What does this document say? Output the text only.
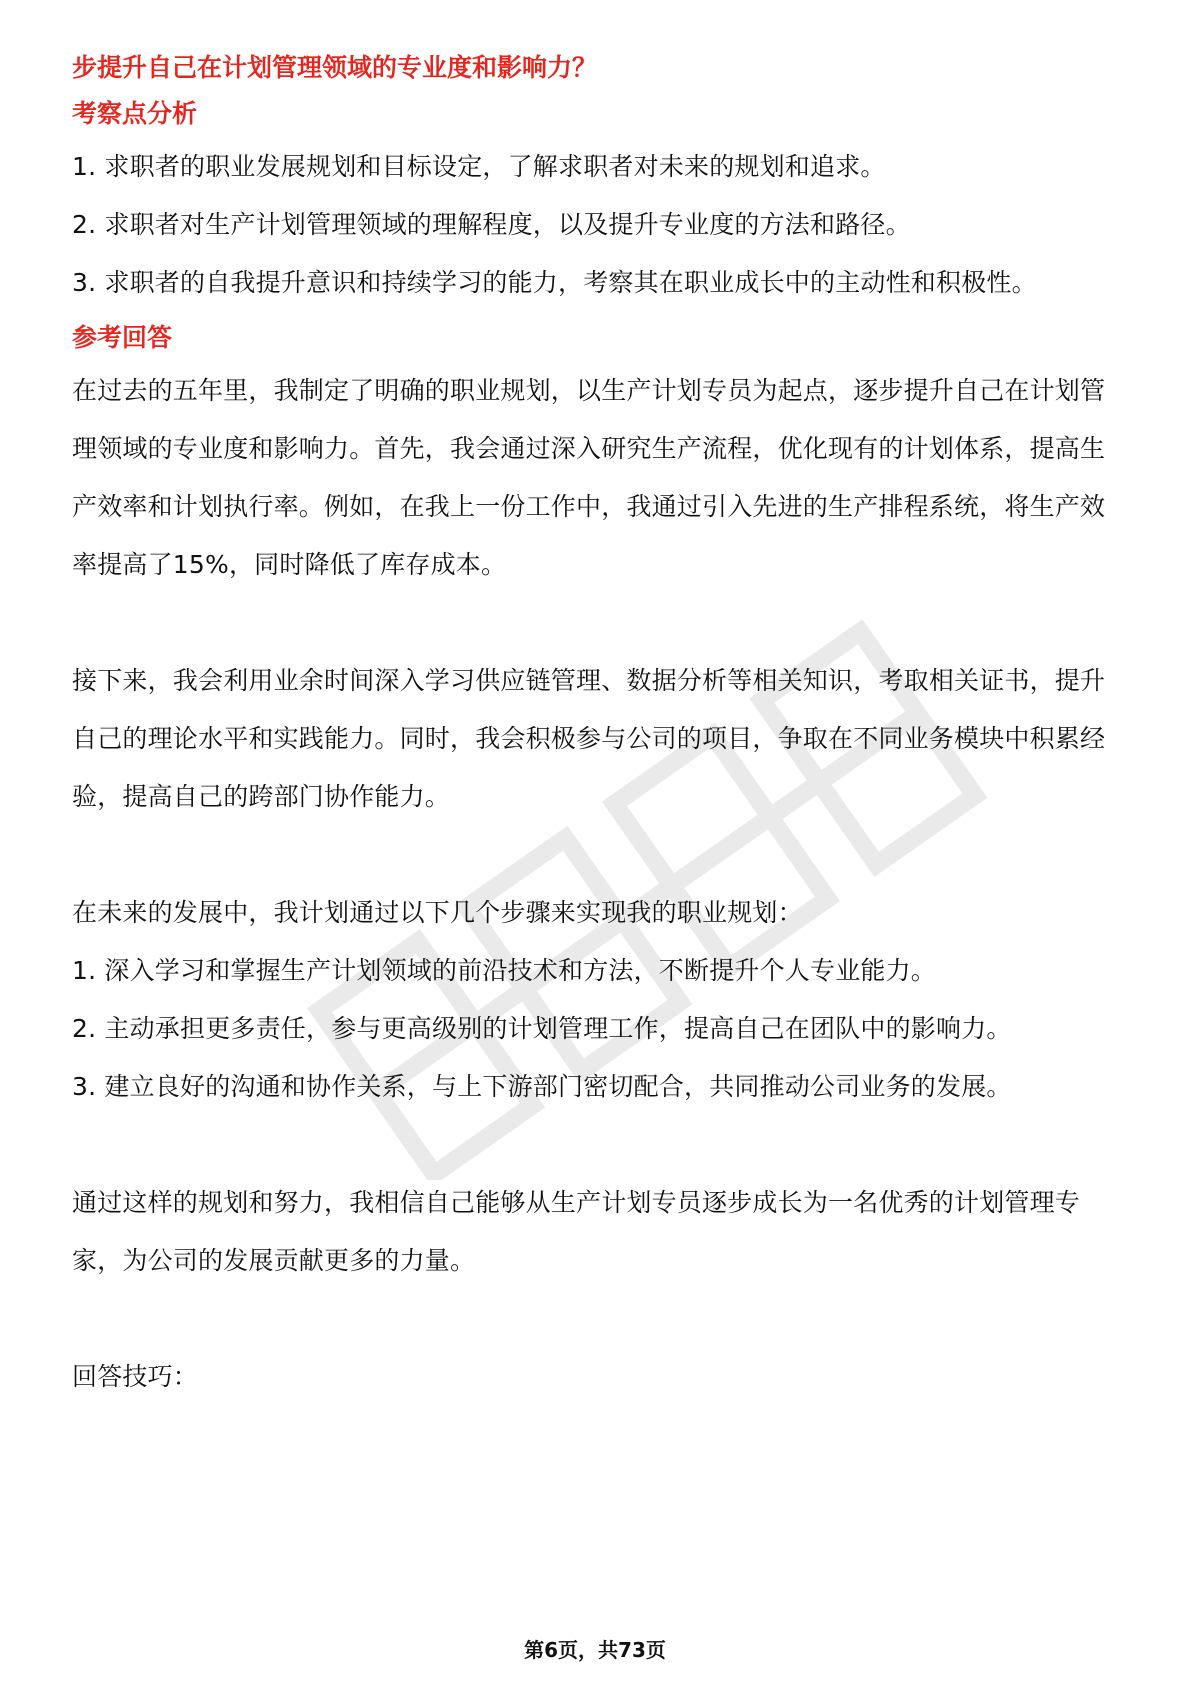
步提升自己在计划管理领域的专业度和影响力？

考察点分析

1. 求职者的职业发展规划和目标设定，了解求职者对未来的规划和追求。

2. 求职者对生产计划管理领域的理解程度，以及提升专业度的方法和路径。

3. 求职者的自我提升意识和持续学习的能力，考察其在职业成长中的主动性和积极性。

参考回答

在过去的五年里，我制定了明确的职业规划，以生产计划专员为起点，逐步提升自己在计划管理领域的专业度和影响力。首先，我会通过深入研究生产流程，优化现有的计划体系，提高生产效率和计划执行率。例如，在我上一份工作中，我通过引入先进的生产排程系统，将生产效率提高了15%，同时降低了库存成本。

接下来，我会利用业余时间深入学习供应链管理、数据分析等相关知识，考取相关证书，提升自己的理论水平和实践能力。同时，我会积极参与公司的项目，争取在不同业务模块中积累经验，提高自己的跨部门协作能力。

在未来的发展中，我计划通过以下几个步骤来实现我的职业规划：

1. 深入学习和掌握生产计划领域的前沿技术和方法，不断提升个人专业能力。

2. 主动承担更多责任，参与更高级别的计划管理工作，提高自己在团队中的影响力。

3. 建立良好的沟通和协作关系，与上下游部门密切配合，共同推动公司业务的发展。

通过这样的规划和努力，我相信自己能够从生产计划专员逐步成长为一名优秀的计划管理专家，为公司的发展贡献更多的力量。

回答技巧：

第6页，共73页
